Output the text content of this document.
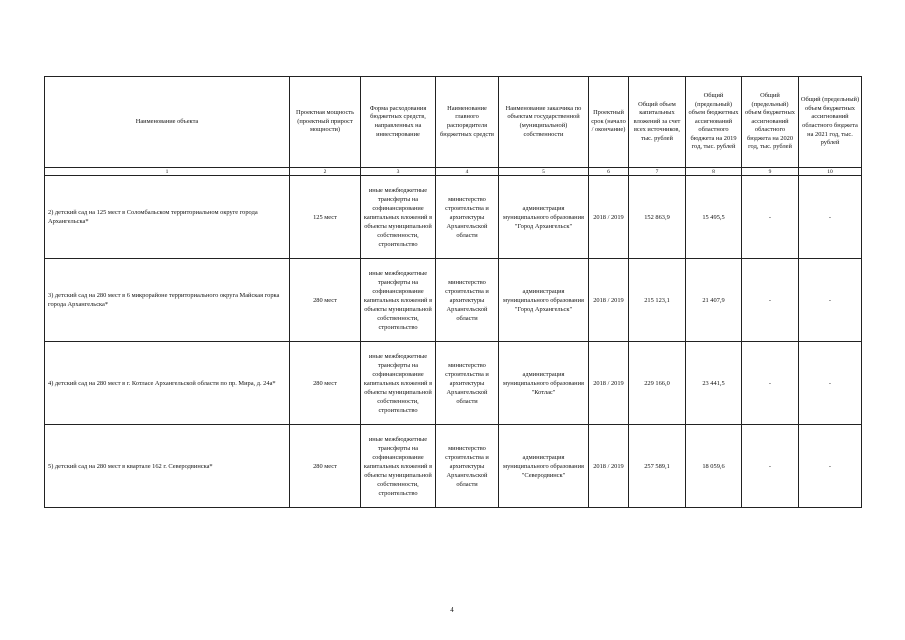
Наименование объекта	Проектная мощность (проектный прирост мощности)	Форма расходования бюджетных средств, направленных на инвестирование	Наименование главного распорядителя бюджетных средств	Наименование заказчика по объектам государственной (муниципальной) собственности	Проектный срок (начало / окончание)	Общий объем капитальных вложений за счет всех источников, тыс. рублей	Общий (предельный) объем бюджетных ассигнований областного бюджета на 2019 год, тыс. рублей	Общий (предельный) объем бюджетных ассигнований областного бюджета на 2020 год, тыс. рублей	Общий (предельный) объем бюджетных ассигнований областного бюджета на 2021 год, тыс. рублей
1	2	3	4	5	6	7	8	9	10
2) детский сад на 125 мест в Соломбальском территориальном округе города Архангельска*	125 мест	иные межбюджетные трансферты на софинансирование капитальных вложений в объекты муниципальной собственности, строительство	министерство строительства и архитектуры Архангельской области	администрация муниципального образования "Город Архангельск"	2018 / 2019	152 863,9	15 495,5	-	-
3) детский сад на 280 мест в 6 микрорайоне территориального округа Майская горка города Архангельска*	280 мест	иные межбюджетные трансферты на софинансирование капитальных вложений в объекты муниципальной собственности, строительство	министерство строительства и архитектуры Архангельской области	администрация муниципального образования "Город Архангельск"	2018 / 2019	215 123,1	21 407,9	-	-
4) детский сад на 280 мест в г. Котласе Архангельской области по пр. Мира, д. 24а*	280 мест	иные межбюджетные трансферты на софинансирование капитальных вложений в объекты муниципальной собственности, строительство	министерство строительства и архитектуры Архангельской области	администрация муниципального образования "Котлас"	2018 / 2019	229 166,0	23 441,5	-	-
5) детский сад на 280 мест в квартале 162 г. Северодвинска*	280 мест	иные межбюджетные трансферты на софинансирование капитальных вложений в объекты муниципальной собственности, строительство	министерство строительства и архитектуры Архангельской области	администрация муниципального образования "Северодвинск"	2018 / 2019	257 589,1	18 059,6	-	-
4
